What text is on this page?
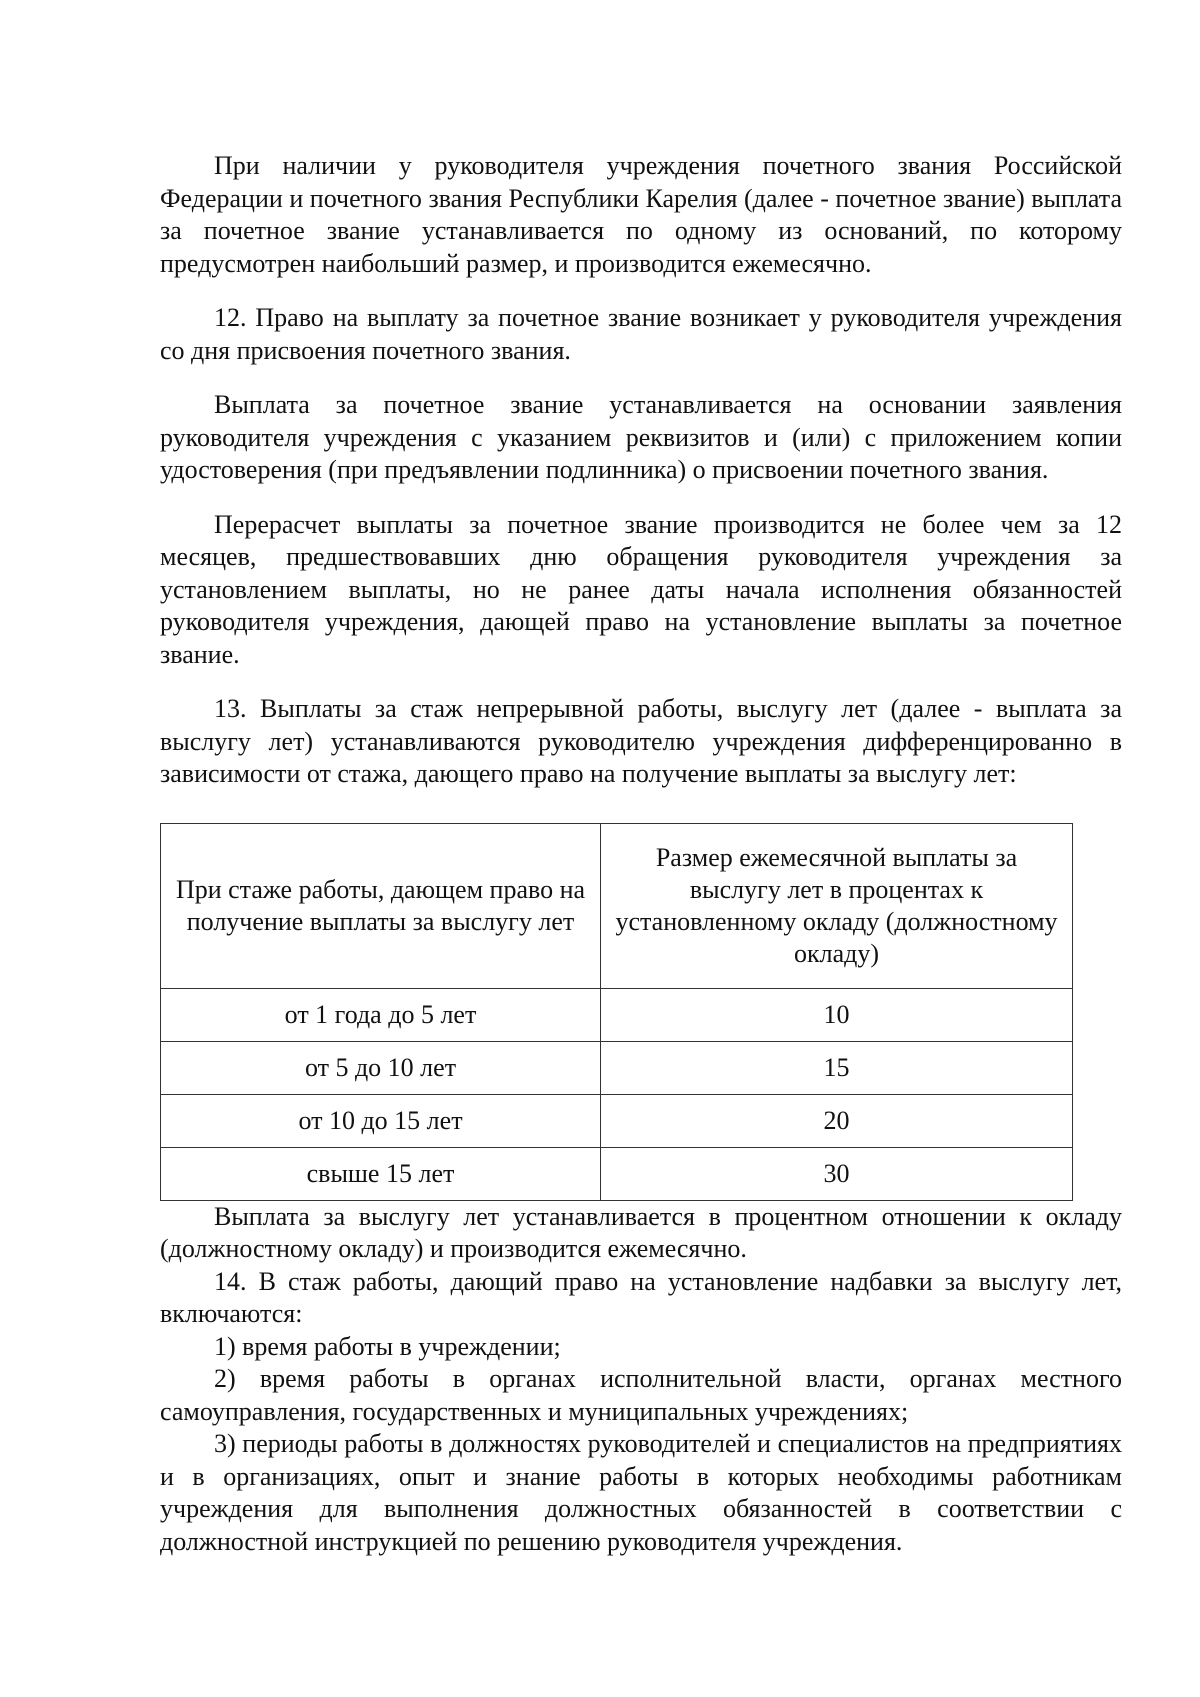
При наличии у руководителя учреждения почетного звания Российской Федерации и почетного звания Республики Карелия (далее - почетное звание) выплата за почетное звание устанавливается по одному из оснований, по которому предусмотрен наибольший размер, и производится ежемесячно.

12. Право на выплату за почетное звание возникает у руководителя учреждения со дня присвоения почетного звания.

Выплата за почетное звание устанавливается на основании заявления руководителя учреждения с указанием реквизитов и (или) с приложением копии удостоверения (при предъявлении подлинника) о присвоении почетного звания.

Перерасчет выплаты за почетное звание производится не более чем за 12 месяцев, предшествовавших дню обращения руководителя учреждения за установлением выплаты, но не ранее даты начала исполнения обязанностей руководителя учреждения, дающей право на установление выплаты за почетное звание.

13. Выплаты за стаж непрерывной работы, выслугу лет (далее - выплата за выслугу лет) устанавливаются руководителю учреждения дифференцированно в зависимости от стажа, дающего право на получение выплаты за выслугу лет:

При стаже работы, дающем право на получение выплаты за выслугу лет	Размер ежемесячной выплаты за выслугу лет в процентах к установленному окладу (должностному окладу)
от 1 года до 5 лет	10
от 5 до 10 лет	15
от 10 до 15 лет	20
свыше 15 лет	30

Выплата за выслугу лет устанавливается в процентном отношении к окладу (должностному окладу) и производится ежемесячно.

14. В стаж работы, дающий право на установление надбавки за выслугу лет, включаются:

1) время работы в учреждении;

2) время работы в органах исполнительной власти, органах местного самоуправления, государственных и муниципальных учреждениях;

3) периоды работы в должностях руководителей и специалистов на предприятиях и в организациях, опыт и знание работы в которых необходимы работникам учреждения для выполнения должностных обязанностей в соответствии с должностной инструкцией по решению руководителя учреждения.
